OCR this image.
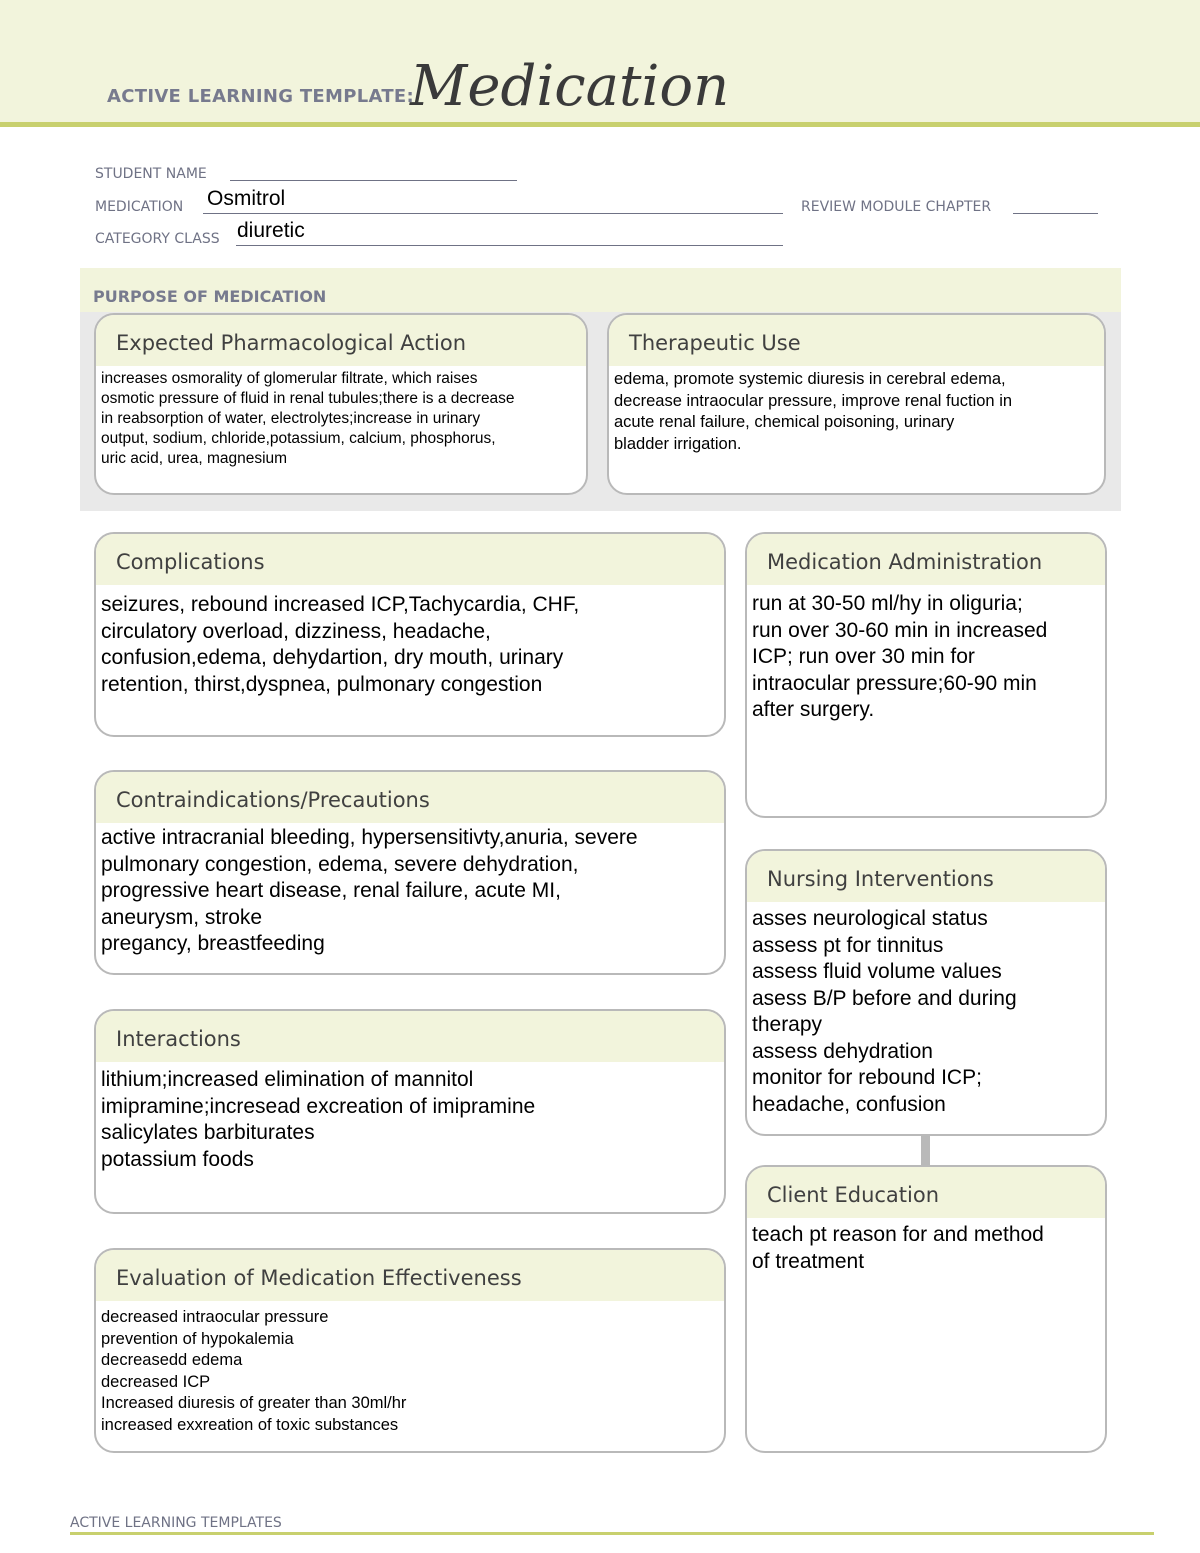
ACTIVE LEARNING TEMPLATE:
Medication
STUDENT NAME
MEDICATION Osmitrol	REVIEW MODULE CHAPTER
CATEGORY CLASS diuretic
PURPOSE OF MEDICATION
Expected Pharmacological Action
increases osmorality of glomerular filtrate, which raises
osmotic pressure of fluid in renal tubules;there is a decrease
in reabsorption of water, electrolytes;increase in urinary
output, sodium, chloride,potassium, calcium, phosphorus,
uric acid, urea, magnesium
Therapeutic Use
edema, promote systemic diuresis in cerebral edema,
decrease intraocular pressure, improve renal fuction in
acute renal failure, chemical poisoning, urinary
bladder irrigation.
Complications
seizures, rebound increased ICP,Tachycardia, CHF,
circulatory overload, dizziness, headache,
confusion,edema, dehydartion, dry mouth, urinary
retention, thirst,dyspnea, pulmonary congestion
Contraindications/Precautions
active intracranial bleeding, hypersensitivty,anuria, severe
pulmonary congestion, edema, severe dehydration,
progressive heart disease, renal failure, acute MI,
aneurysm, stroke
pregancy, breastfeeding
Interactions
lithium;increased elimination of mannitol
imipramine;incresead excreation of imipramine
salicylates barbiturates
potassium foods
Evaluation of Medication Effectiveness
decreased intraocular pressure
prevention of hypokalemia
decreasedd edema
decreased ICP
Increased diuresis of greater than 30ml/hr
increased exxreation of toxic substances
Medication Administration
run at 30-50 ml/hy in oliguria;
run over 30-60 min in increased
ICP; run over 30 min for
intraocular pressure;60-90 min
after surgery.
Nursing Interventions
asses neurological status
assess pt for tinnitus
assess fluid volume values
asess B/P before and during
therapy
assess dehydration
monitor for rebound ICP;
headache, confusion
Client Education
teach pt reason for and method
of treatment
ACTIVE LEARNING TEMPLATES
